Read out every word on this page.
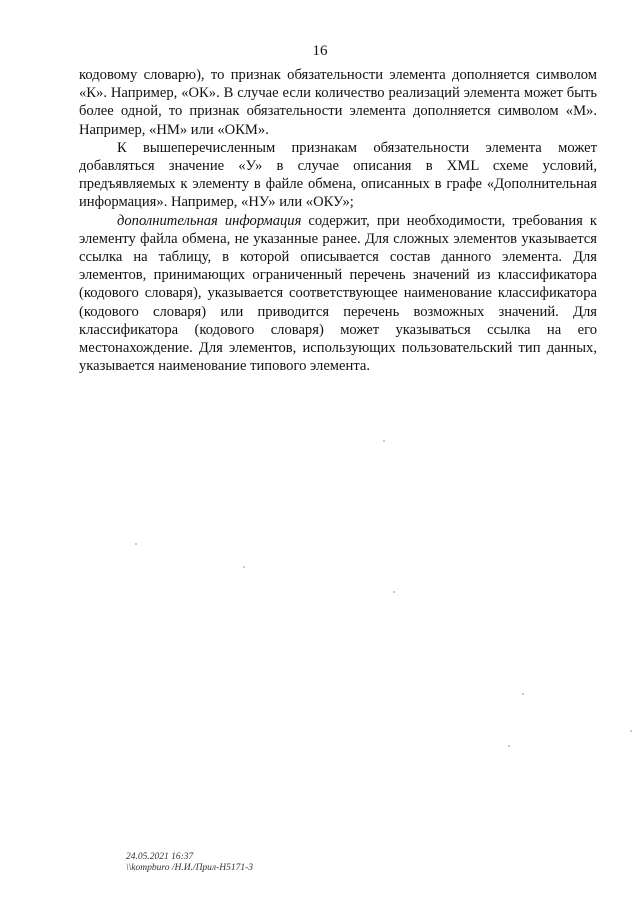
16

кодовому словарю), то признак обязательности элемента дополняется символом «К». Например, «ОК». В случае если количество реализаций элемента может быть более одной, то признак обязательности элемента дополняется символом «М». Например, «НМ» или «ОКМ».

К вышеперечисленным признакам обязательности элемента может добавляться значение «У» в случае описания в XML схеме условий, предъявляемых к элементу в файле обмена, описанных в графе «Дополнительная информация». Например, «НУ» или «ОКУ»;

дополнительная информация содержит, при необходимости, требования к элементу файла обмена, не указанные ранее. Для сложных элементов указывается ссылка на таблицу, в которой описывается состав данного элемента. Для элементов, принимающих ограниченный перечень значений из классификатора (кодового словаря), указывается соответствующее наименование классификатора (кодового словаря) или приводится перечень возможных значений. Для классификатора (кодового словаря) может указываться ссылка на его местонахождение. Для элементов, использующих пользовательский тип данных, указывается наименование типового элемента.

24.05.2021 16:37
\\kompburo /Н.И./Прил-Н5171-3
